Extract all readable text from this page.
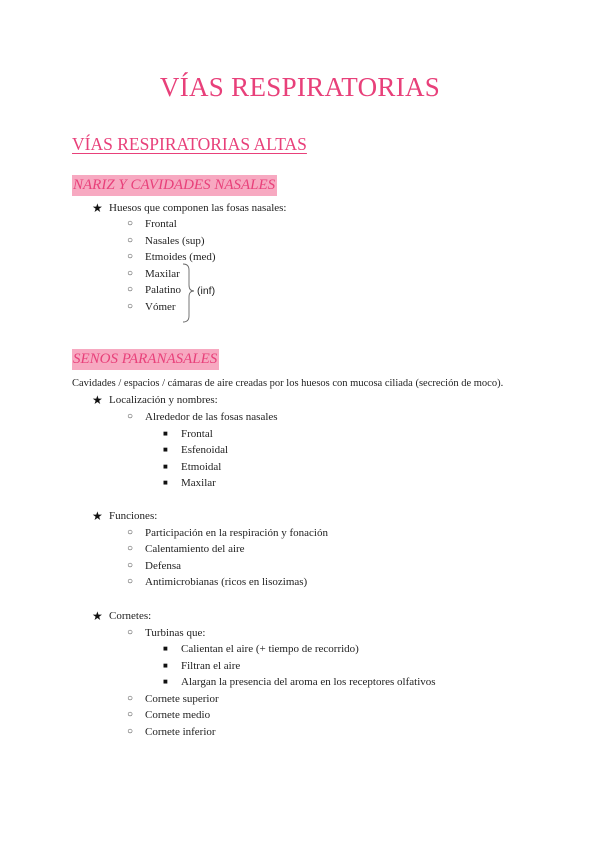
VÍAS RESPIRATORIAS
VÍAS RESPIRATORIAS ALTAS
NARIZ Y CAVIDADES NASALES
★ Huesos que componen las fosas nasales:
○ Frontal
○ Nasales (sup)
○ Etmoides (med)
○ Maxilar
○ Palatino
○ Vómer
(inf)
SENOS PARANASALES
Cavidades / espacios / cámaras de aire creadas por los huesos con mucosa ciliada (secreción de moco).
★ Localización y nombres:
○ Alrededor de las fosas nasales
■ Frontal
■ Esfenoidal
■ Etmoidal
■ Maxilar
★ Funciones:
○ Participación en la respiración y fonación
○ Calentamiento del aire
○ Defensa
○ Antimicrobianas (ricos en lisozimas)
★ Cornetes:
○ Turbinas que:
■ Calientan el aire (+ tiempo de recorrido)
■ Filtran el aire
■ Alargan la presencia del aroma en los receptores olfativos
○ Cornete superior
○ Cornete medio
○ Cornete inferior
